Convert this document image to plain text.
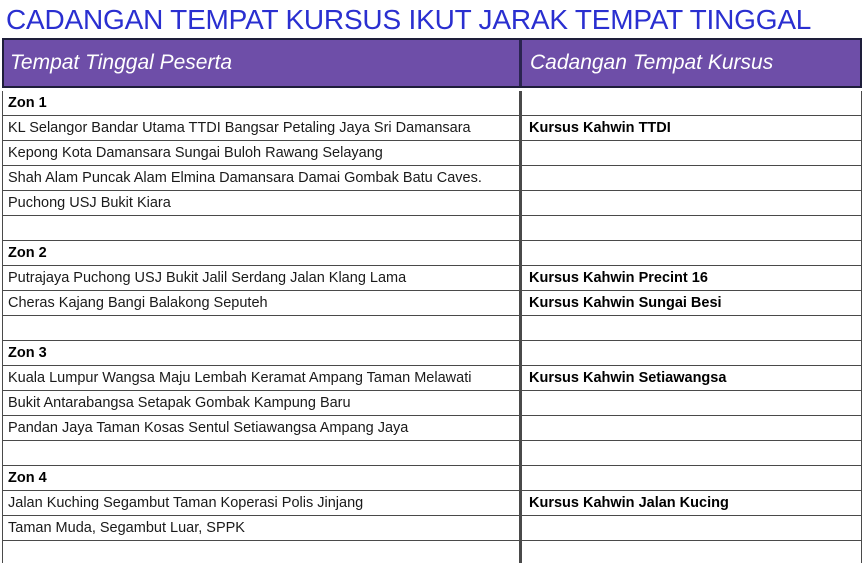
CADANGAN TEMPAT KURSUS IKUT JARAK TEMPAT TINGGAL
Tempat Tinggal Peserta	Cadangan Tempat Kursus
Zon 1
KL Selangor Bandar Utama TTDI Bangsar Petaling Jaya Sri Damansara	Kursus Kahwin TTDI
Kepong Kota Damansara Sungai Buloh Rawang Selayang
Shah Alam Puncak Alam Elmina Damansara Damai Gombak Batu Caves.
Puchong USJ Bukit Kiara
Zon 2
Putrajaya Puchong USJ Bukit Jalil Serdang Jalan Klang Lama	Kursus Kahwin Precint 16
Cheras Kajang Bangi Balakong Seputeh	Kursus Kahwin Sungai Besi
Zon 3
Kuala Lumpur Wangsa Maju Lembah Keramat Ampang Taman Melawati	Kursus Kahwin Setiawangsa
Bukit Antarabangsa Setapak Gombak Kampung Baru
Pandan Jaya Taman Kosas Sentul Setiawangsa Ampang Jaya
Zon 4
Jalan Kuching Segambut Taman Koperasi Polis Jinjang	Kursus Kahwin Jalan Kucing
Taman Muda, Segambut Luar, SPPK
